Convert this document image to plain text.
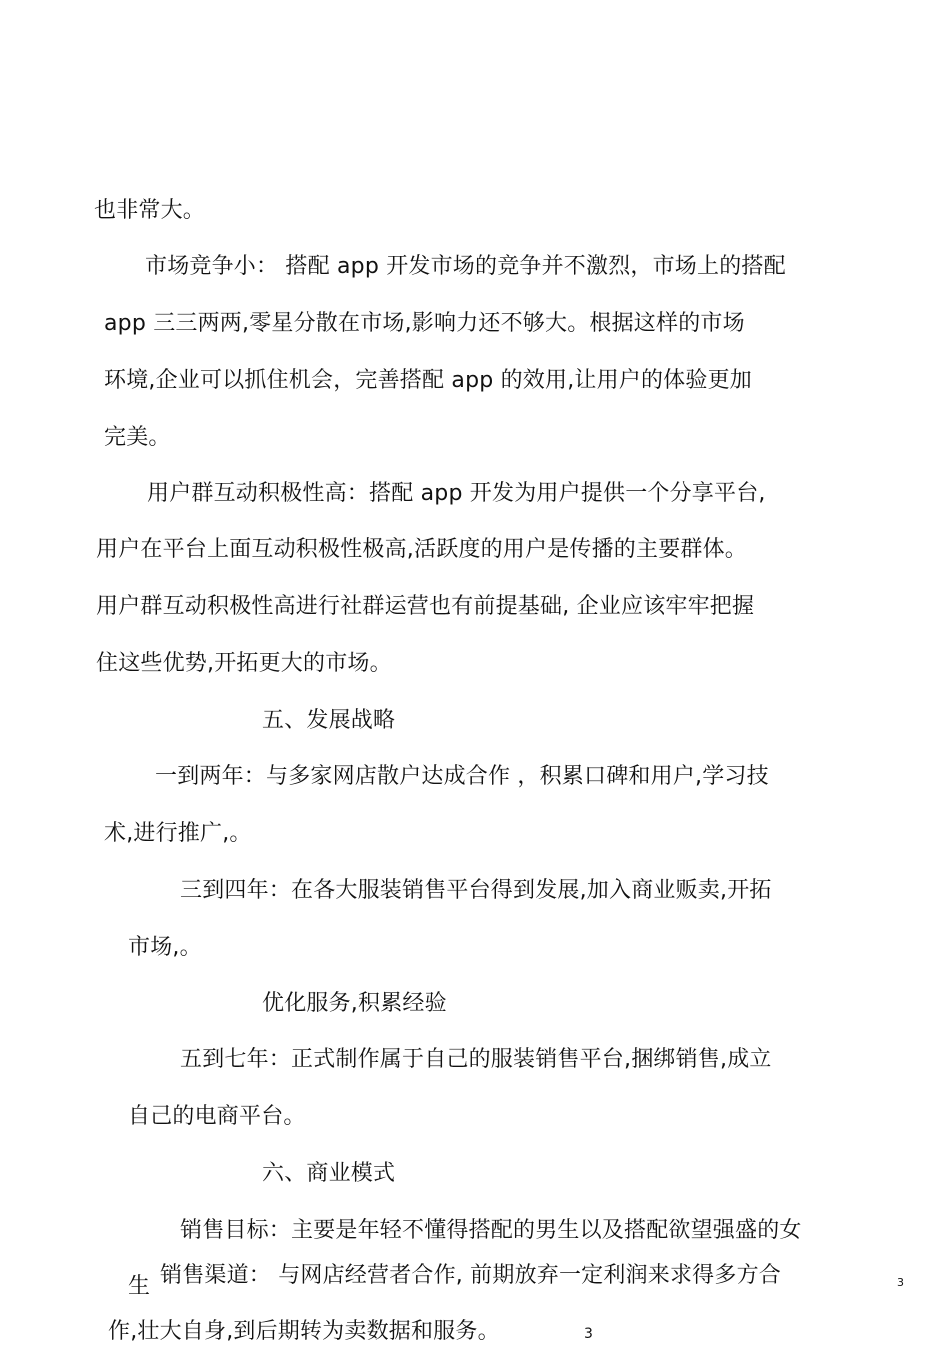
也非常大。

市场竞争小： 搭配 app 开发市场的竞争并不激烈，市场上的搭配

app 三三两两,零星分散在市场,影响力还不够大。根据这样的市场

环境,企业可以抓住机会，完善搭配 app 的效用,让用户的体验更加

完美。

用户群互动积极性高：搭配 app 开发为用户提供一个分享平台,

用户在平台上面互动积极性极高,活跃度的用户是传播的主要群体。

用户群互动积极性高进行社群运营也有前提基础, 企业应该牢牢把握

住这些优势,开拓更大的市场。

五、发展战略

一到两年：与多家网店散户达成合作 ，积累口碑和用户,学习技

术,进行推广,。

三到四年：在各大服装销售平台得到发展,加入商业贩卖,开拓

市场,。

优化服务,积累经验

五到七年：正式制作属于自己的服装销售平台,捆绑销售,成立

自己的电商平台。

六、商业模式

销售目标：主要是年轻不懂得搭配的男生以及搭配欲望强盛的女

生 销售渠道： 与网店经营者合作, 前期放弃一定利润来求得多方合

作,壮大自身,到后期转为卖数据和服务。

3

3
